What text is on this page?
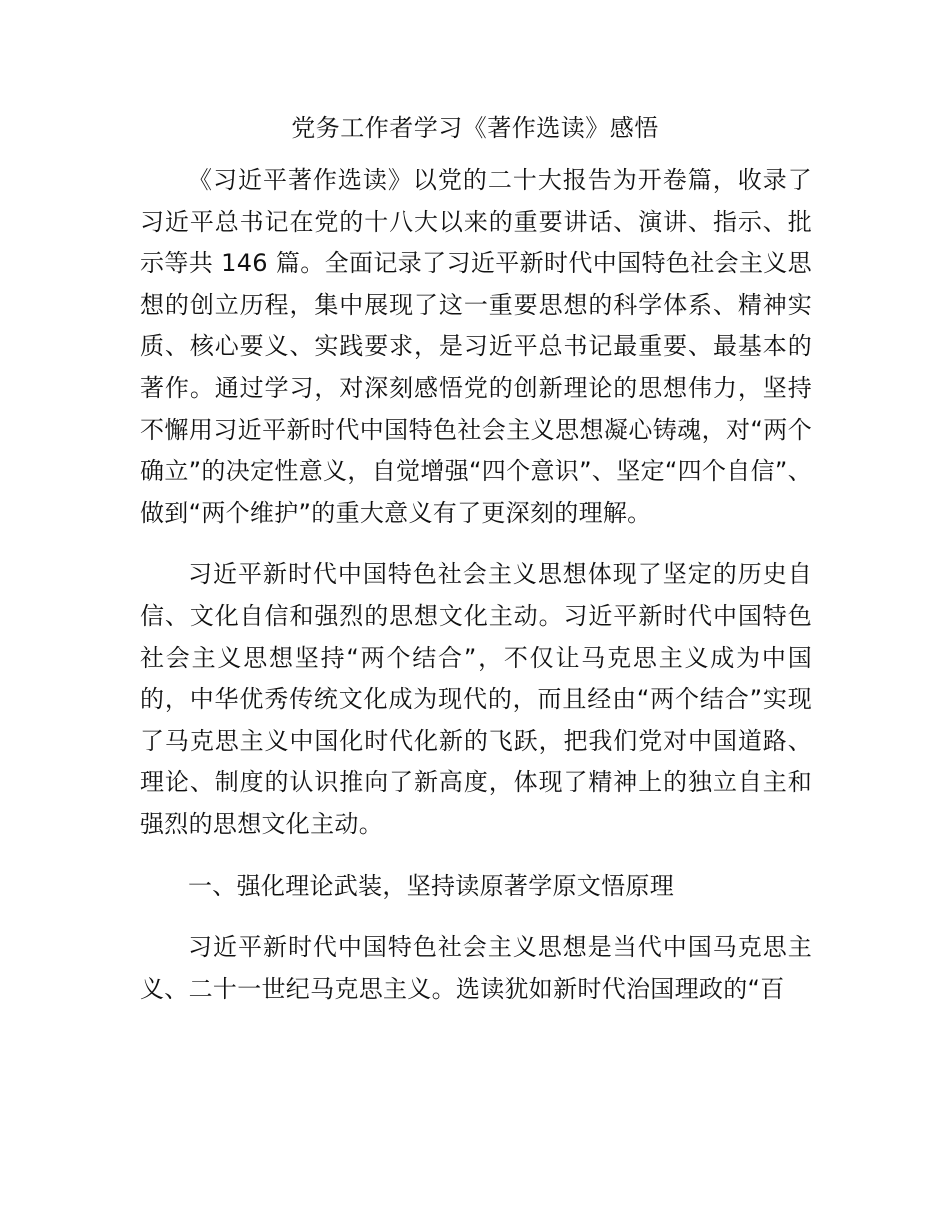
党务工作者学习《著作选读》感悟

《习近平著作选读》以党的二十大报告为开卷篇，收录了习近平总书记在党的十八大以来的重要讲话、演讲、指示、批示等共 146 篇。全面记录了习近平新时代中国特色社会主义思想的创立历程，集中展现了这一重要思想的科学体系、精神实质、核心要义、实践要求，是习近平总书记最重要、最基本的著作。通过学习，对深刻感悟党的创新理论的思想伟力，坚持不懈用习近平新时代中国特色社会主义思想凝心铸魂，对“两个确立”的决定性意义，自觉增强“四个意识”、坚定“四个自信”、做到“两个维护”的重大意义有了更深刻的理解。

习近平新时代中国特色社会主义思想体现了坚定的历史自信、文化自信和强烈的思想文化主动。习近平新时代中国特色社会主义思想坚持“两个结合”，不仅让马克思主义成为中国的，中华优秀传统文化成为现代的，而且经由“两个结合”实现了马克思主义中国化时代化新的飞跃，把我们党对中国道路、理论、制度的认识推向了新高度，体现了精神上的独立自主和强烈的思想文化主动。

一、强化理论武装，坚持读原著学原文悟原理

习近平新时代中国特色社会主义思想是当代中国马克思主义、二十一世纪马克思主义。选读犹如新时代治国理政的“百
